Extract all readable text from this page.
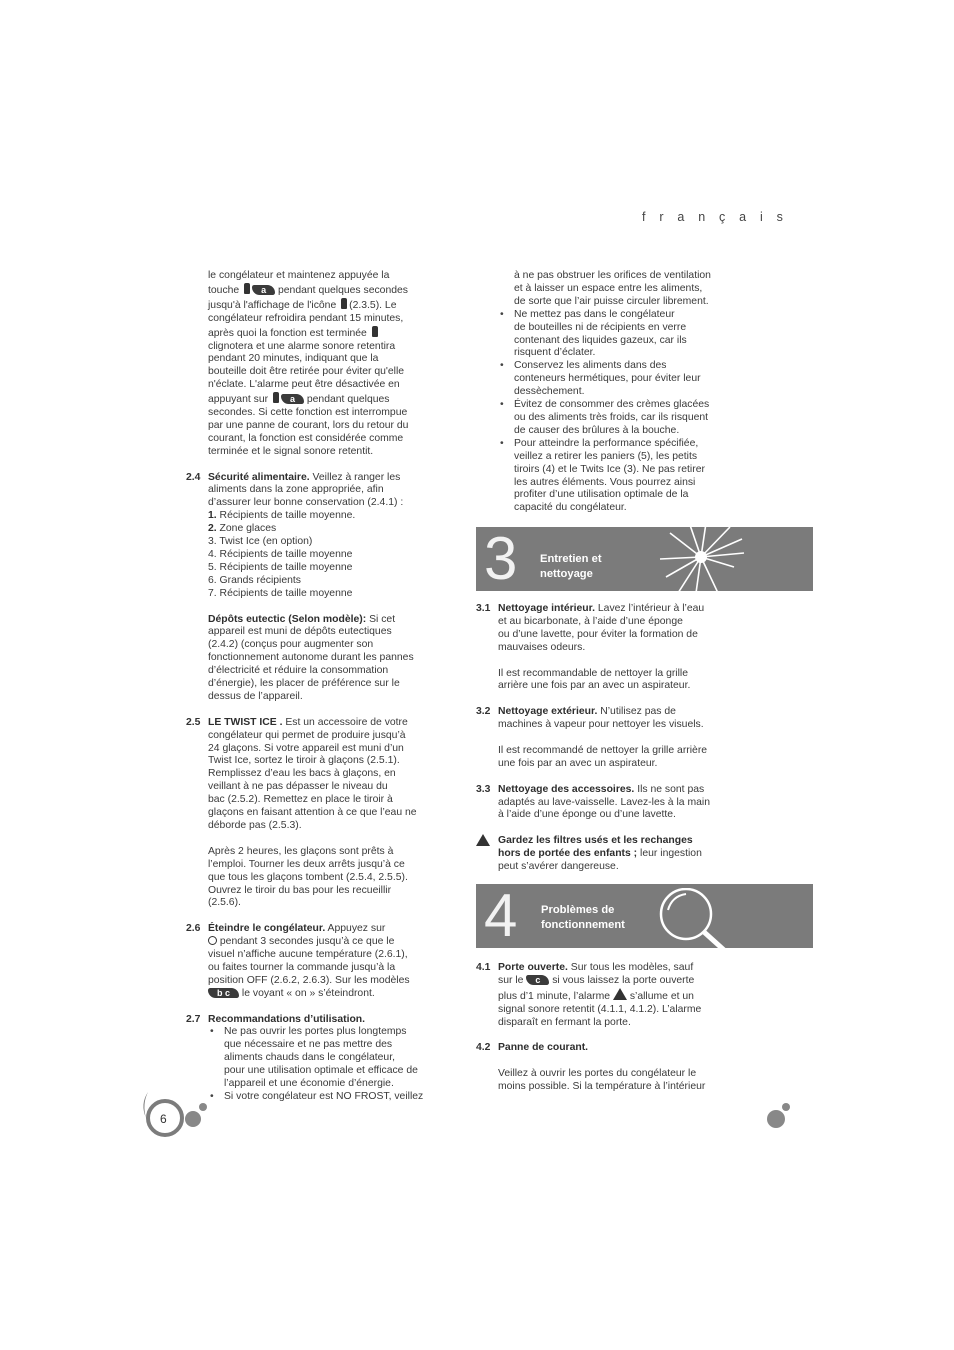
f r a n ç a i s
le congélateur et maintenez appuyée la
touche a pendant quelques secondes
jusqu'à l'affichage de l'icône (2.3.5). Le
congélateur refroidira pendant 15 minutes,
après quoi la fonction est terminée
clignotera et une alarme sonore retentira
pendant 20 minutes, indiquant que la
bouteille doit être retirée pour éviter qu'elle
n'éclate. L'alarme peut être désactivée en
appuyant sur a pendant quelques
secondes. Si cette fonction est interrompue
par une panne de courant, lors du retour du
courant, la fonction est considérée comme
terminée et le signal sonore retentit.
2.4 Sécurité alimentaire. Veillez à ranger les
aliments dans la zone appropriée, afin
d’assurer leur bonne conservation (2.4.1) :
1. Récipients de taille moyenne.
2. Zone glaces
3. Twist Ice (en option)
4. Récipients de taille moyenne
5. Récipients de taille moyenne
6. Grands récipients
7. Récipients de taille moyenne
Dépôts eutectic (Selon modèle): Si cet
appareil est muni de dépôts eutectiques
(2.4.2) (conçus pour augmenter son
fonctionnement autonome durant les pannes
d’électricité et réduire la consommation
d’énergie), les placer de préférence sur le
dessus de l’appareil.
2.5 LE TWIST ICE . Est un accessoire de votre
congélateur qui permet de produire jusqu’à
24 glaçons. Si votre appareil est muni d’un
Twist Ice, sortez le tiroir à glaçons (2.5.1).
Remplissez d’eau les bacs à glaçons, en
veillant à ne pas dépasser le niveau du
bac (2.5.2). Remettez en place le tiroir à
glaçons en faisant attention à ce que l’eau ne
déborde pas (2.5.3).
Après 2 heures, les glaçons sont prêts à
l’emploi. Tourner les deux arrêts jusqu’à ce
que tous les glaçons tombent (2.5.4, 2.5.5).
Ouvrez le tiroir du bas pour les recueillir
(2.5.6).
2.6 Éteindre le congélateur. Appuyez sur
pendant 3 secondes jusqu’à ce que le
visuel n’affiche aucune température (2.6.1),
ou faites tourner la commande jusqu’à la
position OFF (2.6.2, 2.6.3). Sur les modèles
b c le voyant « on » s’éteindront.
2.7 Recommandations d’utilisation.
• Ne pas ouvrir les portes plus longtemps
que nécessaire et ne pas mettre des
aliments chauds dans le congélateur,
pour une utilisation optimale et efficace de
l’appareil et une économie d’énergie.
• Si votre congélateur est NO FROST, veillez
à ne pas obstruer les orifices de ventilation
et à laisser un espace entre les aliments,
de sorte que l’air puisse circuler librement.
• Ne mettez pas dans le congélateur
de bouteilles ni de récipients en verre
contenant des liquides gazeux, car ils
risquent d’éclater.
• Conservez les aliments dans des
conteneurs hermétiques, pour éviter leur
dessèchement.
• Évitez de consommer des crèmes glacées
ou des aliments très froids, car ils risquent
de causer des brûlures à la bouche.
• Pour atteindre la performance spécifiée,
veillez a retirer les paniers (5), les petits
tiroirs (4) et le Twits Ice (3). Ne pas retirer
les autres éléments. Vous pourrez ainsi
profiter d’une utilisation optimale de la
capacité du congélateur.
3 Entretien et
nettoyage
3.1 Nettoyage intérieur. Lavez l’intérieur à l’eau
et au bicarbonate, à l’aide d’une éponge
ou d’une lavette, pour éviter la formation de
mauvaises odeurs.
Il est recommandable de nettoyer la grille
arrière une fois par an avec un aspirateur.
3.2 Nettoyage extérieur. N’utilisez pas de
machines à vapeur pour nettoyer les visuels.
Il est recommandé de nettoyer la grille arrière
une fois par an avec un aspirateur.
3.3 Nettoyage des accessoires. Ils ne sont pas
adaptés au lave-vaisselle. Lavez-les à la main
à l’aide d’une éponge ou d’une lavette.
Gardez les filtres usés et les rechanges
hors de portée des enfants ; leur ingestion
peut s’avérer dangereuse.
4 Problèmes de
fonctionnement
4.1 Porte ouverte. Sur tous les modèles, sauf
sur le c si vous laissez la porte ouverte
plus d’1 minute, l’alarme  s’allume et un
signal sonore retentit (4.1.1, 4.1.2). L’alarme
disparaît en fermant la porte.
4.2 Panne de courant.
Veillez à ouvrir les portes du congélateur le
moins possible. Si la température à l’intérieur
6
